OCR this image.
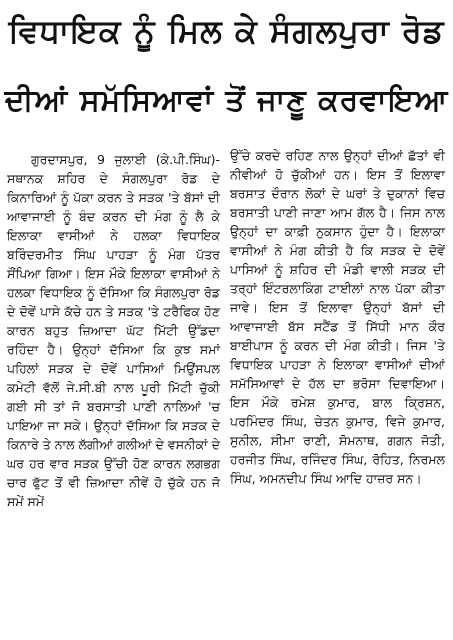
ਵਿਧਾਇਕ ਨੂੰ ਮਿਲ ਕੇ ਸੰਗਲਪੁਰਾ ਰੋਡ
ਦੀਆਂ ਸਮੱਸਿਆਵਾਂ ਤੋਂ ਜਾਣੂ ਕਰਵਾਇਆ

ਗੁਰਦਾਸਪੁਰ, 9 ਜੁਲਾਈ (ਕੇ.ਪੀ.ਸਿੰਘ)-ਸਥਾਨਕ ਸ਼ਹਿਰ ਦੇ ਸੰਗਲਪੁਰਾ ਰੋਡ ਦੇ ਕਿਨਾਰਿਆਂ ਨੂੰ ਪੱਕਾ ਕਰਨ ਤੇ ਸੜਕ 'ਤੇ ਬੱਸਾਂ ਦੀ ਆਵਾਜਾਈ ਨੂੰ ਬੰਦ ਕਰਨ ਦੀ ਮੰਗ ਨੂੰ ਲੈ ਕੇ ਇਲਾਕਾ ਵਾਸੀਆਂ ਨੇ ਹਲਕਾ ਵਿਧਾਇਕ ਬਰਿੰਦਰਮੀਤ ਸਿੰਘ ਪਾਹੜਾ ਨੂੰ ਮੰਗ ਪੱਤਰ ਸੌਂਪਿਆ ਗਿਆ। ਇਸ ਮੌਕੇ ਇਲਾਕਾ ਵਾਸੀਆਂ ਨੇ ਹਲਕਾ ਵਿਧਾਇਕ ਨੂੰ ਦੱਸਿਆ ਕਿ ਸੰਗਲਪੁਰਾ ਰੋਡ ਦੇ ਦੋਵੇਂ ਪਾਸੇ ਕੱਚੇ ਹਨ ਤੇ ਸੜਕ 'ਤੇ ਟਰੈਫਿਕ ਹੋਣ ਕਾਰਨ ਬਹੁਤ ਜ਼ਿਆਦਾ ਘੱਟ ਮਿੱਟੀ ਉੱਡਦਾ ਰਹਿੰਦਾ ਹੈ। ਉਨ੍ਹਾਂ ਦੱਸਿਆ ਕਿ ਕੁਝ ਸਮਾਂ ਪਹਿਲਾਂ ਸੜਕ ਦੇ ਦੋਵੇਂ ਪਾਸਿਆਂ ਮਿਉਂਸਪਲ ਕਮੇਟੀ ਵੱਲੋਂ ਜੇ.ਸੀ.ਬੀ ਨਾਲ ਪੂਰੀ ਮਿੱਟੀ ਚੁੱਕੀ ਗਈ ਸੀ ਤਾਂ ਜੋ ਬਰਸਾਤੀ ਪਾਣੀ ਨਾਲਿਆਂ 'ਚ ਪਾਇਆ ਜਾ ਸਕੇ। ਉਨ੍ਹਾਂ ਦੱਸਿਆ ਕਿ ਸੜਕ ਦੇ ਕਿਨਾਰੇ ਤੇ ਨਾਲ ਲੱਗੀਆਂ ਗਲੀਆਂ ਦੇ ਵਸਨੀਕਾਂ ਦੇ ਘਰ ਹਰ ਵਾਰ ਸੜਕ ਉੱਚੀ ਹੋਣ ਕਾਰਨ ਲਗਭਗ ਚਾਰ ਫੁੱਟ ਤੋਂ ਵੀ ਜ਼ਿਆਦਾ ਨੀਵੇਂ ਹੋ ਚੁੱਕੇ ਹਨ ਜੋ ਸਮੇਂ ਸਮੇਂ

ਉੱਚੇ ਕਰਦੇ ਰਹਿਣ ਨਾਲ ਉਨ੍ਹਾਂ ਦੀਆਂ ਛੱਤਾਂ ਵੀ ਨੀਵੀਆਂ ਹੋ ਚੁੱਕੀਆਂ ਹਨ। ਇਸ ਤੋਂ ਇਲਾਵਾ ਬਰਸਾਤ ਦੌਰਾਨ ਲੋਕਾਂ ਦੇ ਘਰਾਂ ਤੇ ਦੁਕਾਨਾਂ ਵਿਚ ਬਰਸਾਤੀ ਪਾਣੀ ਜਾਣਾ ਆਮ ਗੱਲ ਹੈ। ਜਿਸ ਨਾਲ ਉਨ੍ਹਾਂ ਦਾ ਕਾਫ਼ੀ ਨੁਕਸਾਨ ਹੁੰਦਾ ਹੈ। ਇਲਾਕਾ ਵਾਸੀਆਂ ਨੇ ਮੰਗ ਕੀਤੀ ਹੈ ਕਿ ਸੜਕ ਦੇ ਦੋਵੇਂ ਪਾਸਿਆਂ ਨੂੰ ਸ਼ਹਿਰ ਦੀ ਮੰਡੀ ਵਾਲੀ ਸੜਕ ਦੀ ਤਰ੍ਹਾਂ ਇੰਟਰਲਾਕਿੰਗ ਟਾਈਲਾਂ ਨਾਲ ਪੱਕਾ ਕੀਤਾ ਜਾਵੇ। ਇਸ ਤੋਂ ਇਲਾਵਾ ਉਨ੍ਹਾਂ ਬੱਸਾਂ ਦੀ ਆਵਾਜਾਈ ਬੱਸ ਸਟੈਂਡ ਤੋਂ ਸਿੱਧੀ ਮਾਨ ਕੌਰ ਬਾਈਪਾਸ ਨੂੰ ਕਰਨ ਦੀ ਮੰਗ ਕੀਤੀ। ਜਿਸ 'ਤੇ ਵਿਧਾਇਕ ਪਾਹੜਾ ਨੇ ਇਲਾਕਾ ਵਾਸੀਆਂ ਦੀਆਂ ਸਮੱਸਿਆਵਾਂ ਦੇ ਹੱਲ ਦਾ ਭਰੋਸਾ ਦਿਵਾਇਆ। ਇਸ ਮੌਕੇ ਰਮੇਸ਼ ਕੁਮਾਰ, ਬਾਲ ਕ੍ਰਿਸ਼ਨ, ਪਰਮਿੰਦਰ ਸਿੰਘ, ਚੇਤਨ ਕੁਮਾਰ, ਵਿਜੇ ਕੁਮਾਰ, ਸੁਨੀਲ, ਸੀਮਾ ਰਾਣੀ, ਸੋਮਨਾਥ, ਗਗਨ ਜੋਤੀ, ਹਰਜੀਤ ਸਿੰਘ, ਰਜਿੰਦਰ ਸਿੰਘ, ਰੋਹਿਤ, ਨਿਰਮਲ ਸਿੰਘ, ਅਮਨਦੀਪ ਸਿੰਘ ਆਦਿ ਹਾਜ਼ਰ ਸਨ।
